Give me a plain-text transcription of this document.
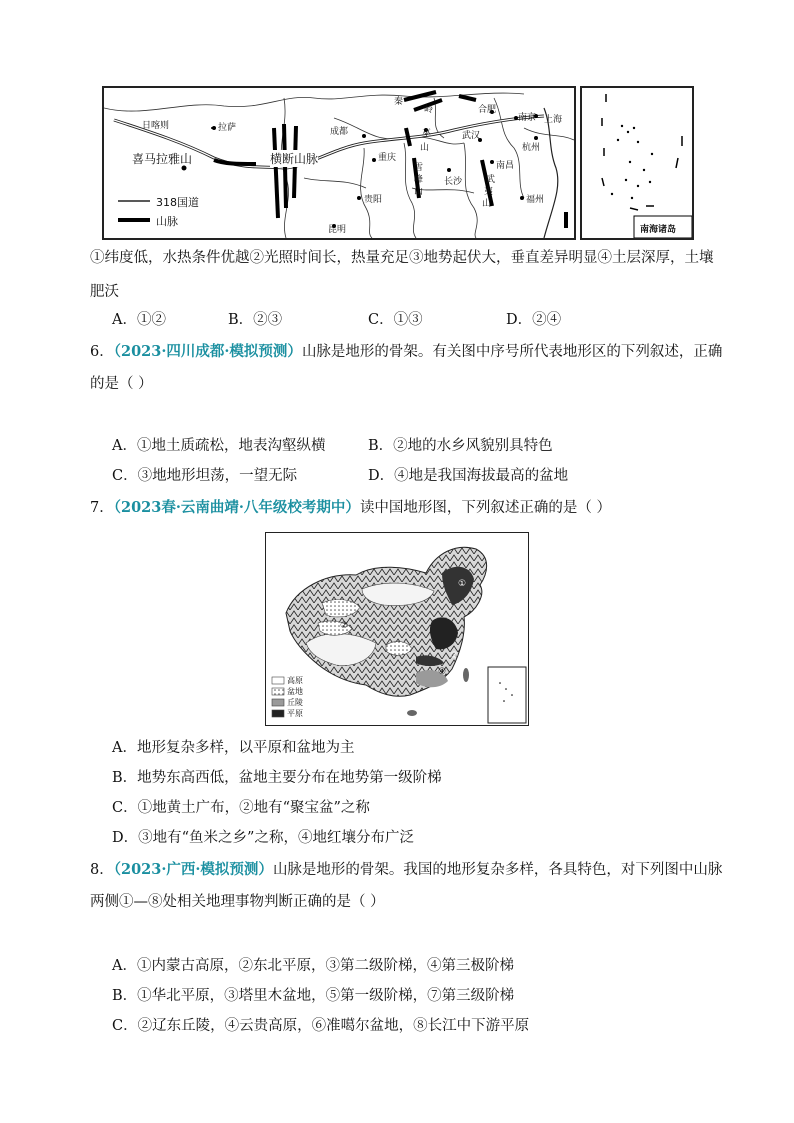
日喀则	拉萨
喜马拉雅山	横断山脉
成都
秦
岭
巫
山
合肥
南京 上海
武汉
杭州
重庆
雪
峰
山
长沙
南昌
武
夷
山
贵阳	福州
昆明
318国道
山脉
南海诸岛
①纬度低，水热条件优越②光照时间长，热量充足③地势起伏大，垂直差异明显④土层深厚，土壤
肥沃
A．①②	B．②③	C．①③	D．②④
6．（2023·四川成都·模拟预测）山脉是地形的骨架。有关图中序号所代表地形区的下列叙述，正确
的是（ ）
A．①地土质疏松，地表沟壑纵横	B．②地的水乡风貌别具特色
C．③地地形坦荡，一望无际	D．④地是我国海拔最高的盆地
7．（2023春·云南曲靖·八年级校考期中）读中国地形图，下列叙述正确的是（ ）
①
②
③
④
高原
盆地
丘陵
平原
A．地形复杂多样，以平原和盆地为主
B．地势东高西低，盆地主要分布在地势第一级阶梯
C．①地黄土广布，②地有“聚宝盆”之称
D．③地有“鱼米之乡”之称，④地红壤分布广泛
8．（2023·广西·模拟预测）山脉是地形的骨架。我国的地形复杂多样，各具特色，对下列图中山脉
两侧①—⑧处相关地理事物判断正确的是（ ）
A．①内蒙古高原，②东北平原，③第二级阶梯，④第三极阶梯
B．①华北平原，③塔里木盆地，⑤第一级阶梯，⑦第三级阶梯
C．②辽东丘陵，④云贵高原，⑥准噶尔盆地，⑧长江中下游平原
